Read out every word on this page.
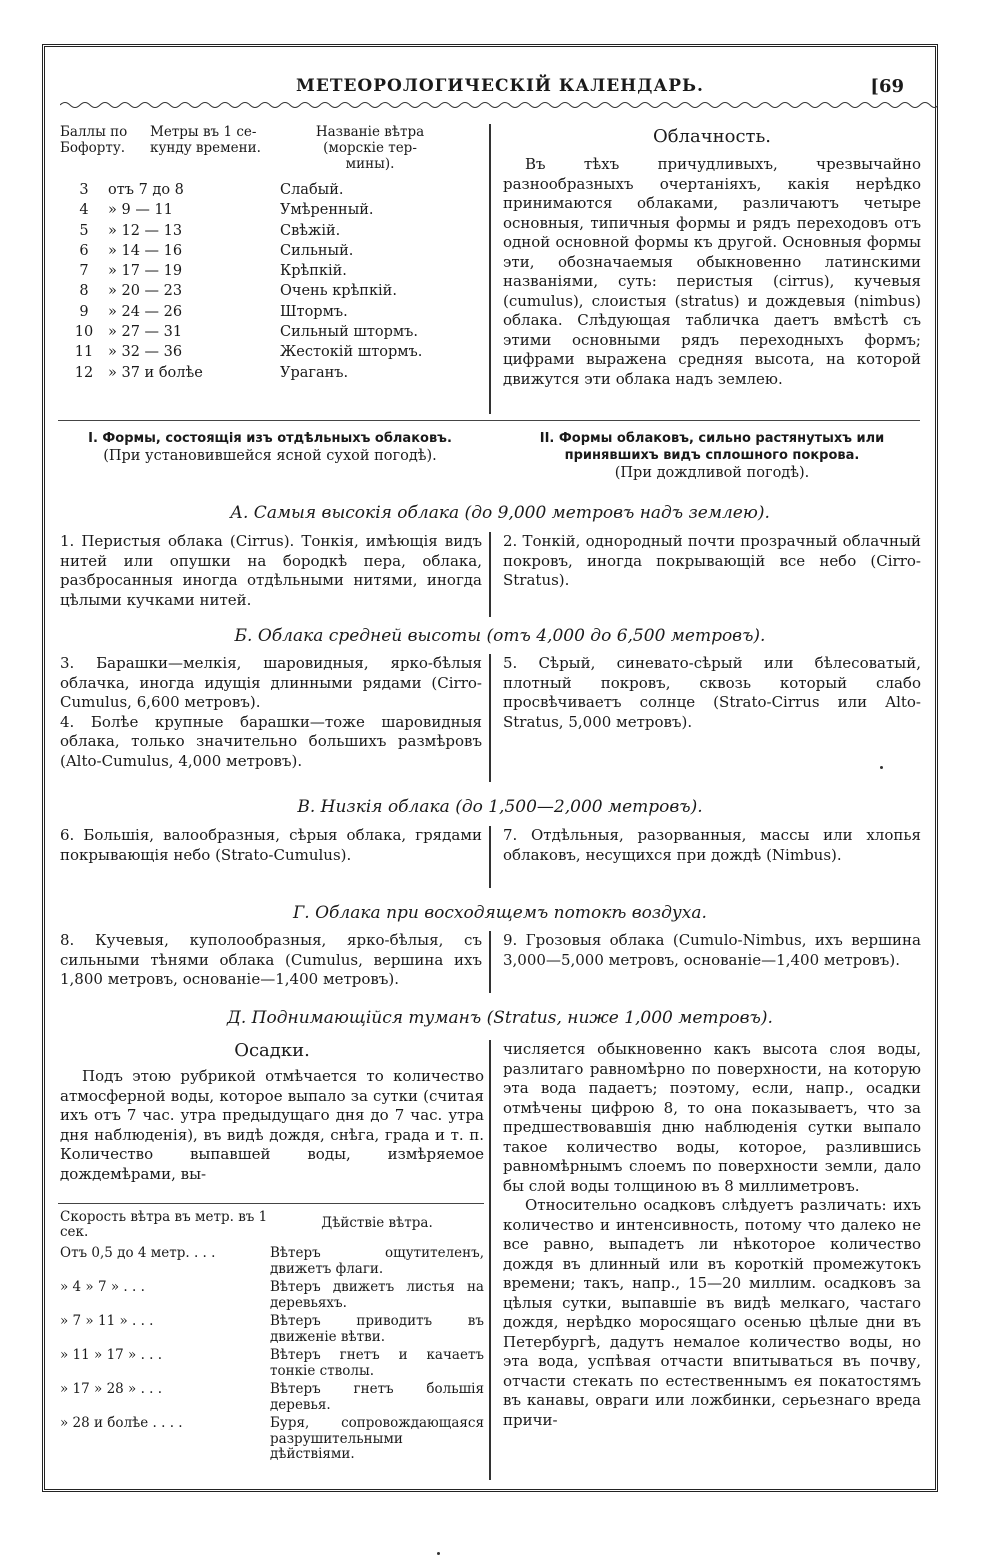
МЕТЕОРОЛОГИЧЕСКІЙ КАЛЕНДАРЬ.	[69
Баллы по Бофорту.
Метры въ 1 се- кунду времени.
Названіе вѣтра (морскіе тер- мины).
3	отъ 7 до 8	Слабый.
4	» 9 — 11	Умѣренный.
5	» 12 — 13	Свѣжій.
6	» 14 — 16	Сильный.
7	» 17 — 19	Крѣпкій.
8	» 20 — 23	Очень крѣпкій.
9	» 24 — 26	Штормъ.
10	» 27 — 31	Сильный штормъ.
11	» 32 — 36	Жестокій штормъ.
12	» 37 и болѣе	Ураганъ.
Облачность.
Въ тѣхъ причудливыхъ, чрезвычайно разнообразныхъ очертаніяхъ, какія нерѣдко принимаются облаками, различаютъ четыре основныя, типичныя формы и рядъ переходовъ отъ одной основной формы къ другой. Основныя формы эти, обозначаемыя обыкновенно латинскими названіями, суть: перистыя (cirrus), кучевыя (cumulus), слоистыя (stratus) и дождевыя (nimbus) облака. Слѣдующая табличка даетъ вмѣстѣ съ этими основными рядъ переходныхъ формъ; цифрами выражена средняя высота, на которой движутся эти облака надъ землею.
I. Формы, состоящія изъ отдѣльныхъ облаковъ.
(При установившейся ясной сухой погодѣ).
II. Формы облаковъ, сильно растянутыхъ или принявшихъ видъ сплошного покрова.
(При дождливой погодѣ).
А. Самыя высокія облака (до 9,000 метровъ надъ землею).
1. Перистыя облака (Cirrus). Тонкія, имѣющія видъ нитей или опушки на бородкѣ пера, облака, разбросанныя иногда отдѣльными нитями, иногда цѣлыми кучками нитей.
2. Тонкій, однородный почти прозрачный облачный покровъ, иногда покрывающій все небо (Cirro-Stratus).
Б. Облака средней высоты (отъ 4,000 до 6,500 метровъ).
3. Барашки—мелкія, шаровидныя, ярко-бѣлыя облачка, иногда идущія длинными рядами (Cirro-Cumulus, 6,600 метровъ).
4. Болѣе крупные барашки—тоже шаровидныя облака, только значительно большихъ размѣровъ (Alto-Cumulus, 4,000 метровъ).
5. Сѣрый, синевато-сѣрый или бѣлесоватый, плотный покровъ, сквозь который слабо просвѣчиваетъ солнце (Strato-Cirrus или Alto-Stratus, 5,000 метровъ).
В. Низкія облака (до 1,500—2,000 метровъ).
6. Большія, валообразныя, сѣрыя облака, грядами покрывающія небо (Strato-Cumulus).
7. Отдѣльныя, разорванныя, массы или хлопья облаковъ, несущихся при дождѣ (Nimbus).
Г. Облака при восходящемъ потокѣ воздуха.
8. Кучевыя, куполообразныя, ярко-бѣлыя, съ сильными тѣнями облака (Cumulus, вершина ихъ 1,800 метровъ, основаніе—1,400 метровъ).
9. Грозовыя облака (Cumulo-Nimbus, ихъ вершина 3,000—5,000 метровъ, основаніе—1,400 метровъ).
Д. Поднимающійся туманъ (Stratus, ниже 1,000 метровъ).
Осадки.
Подъ этою рубрикой отмѣчается то количество атмосферной воды, которое выпало за сутки (считая ихъ отъ 7 час. утра предыдущаго дня до 7 час. утра дня наблюденія), въ видѣ дождя, снѣга, града и т. п. Количество выпавшей воды, измѣряемое дождемѣрами, вы-
Скорость вѣтра въ метр. въ 1 сек.
Дѣйствіе вѣтра.
Отъ 0,5 до 4 метр. . . .	Вѣтеръ ощутителенъ, движетъ флаги.
» 4 » 7 » . . .	Вѣтеръ движетъ листья на деревьяхъ.
» 7 » 11 » . . .	Вѣтеръ приводитъ въ движеніе вѣтви.
» 11 » 17 » . . .	Вѣтеръ гнетъ и качаетъ тонкіе стволы.
» 17 » 28 » . . .	Вѣтеръ гнетъ большія деревья.
» 28 и болѣе . . . .	Буря, сопровождающаяся разрушительными дѣйствіями.
числяется обыкновенно какъ высота слоя воды, разлитаго равномѣрно по поверхности, на которую эта вода падаетъ; поэтому, если, напр., осадки отмѣчены цифрою 8, то она показываетъ, что за предшествовавшія дню наблюденія сутки выпало такое количество воды, которое, разлившись равномѣрнымъ слоемъ по поверхности земли, дало бы слой воды толщиною въ 8 миллиметровъ.
Относительно осадковъ слѣдуетъ различать: ихъ количество и интенсивность, потому что далеко не все равно, выпадетъ ли нѣкоторое количество дождя въ длинный или въ короткій промежутокъ времени; такъ, напр., 15—20 миллим. осадковъ за цѣлыя сутки, выпавшіе въ видѣ мелкаго, частаго дождя, нерѣдко моросящаго осенью цѣлые дни въ Петербургѣ, дадутъ немалое количество воды, но эта вода, успѣвая отчасти впитываться въ почву, отчасти стекать по естественнымъ ея покатостямъ въ канавы, овраги или ложбинки, серьезнаго вреда причи-
